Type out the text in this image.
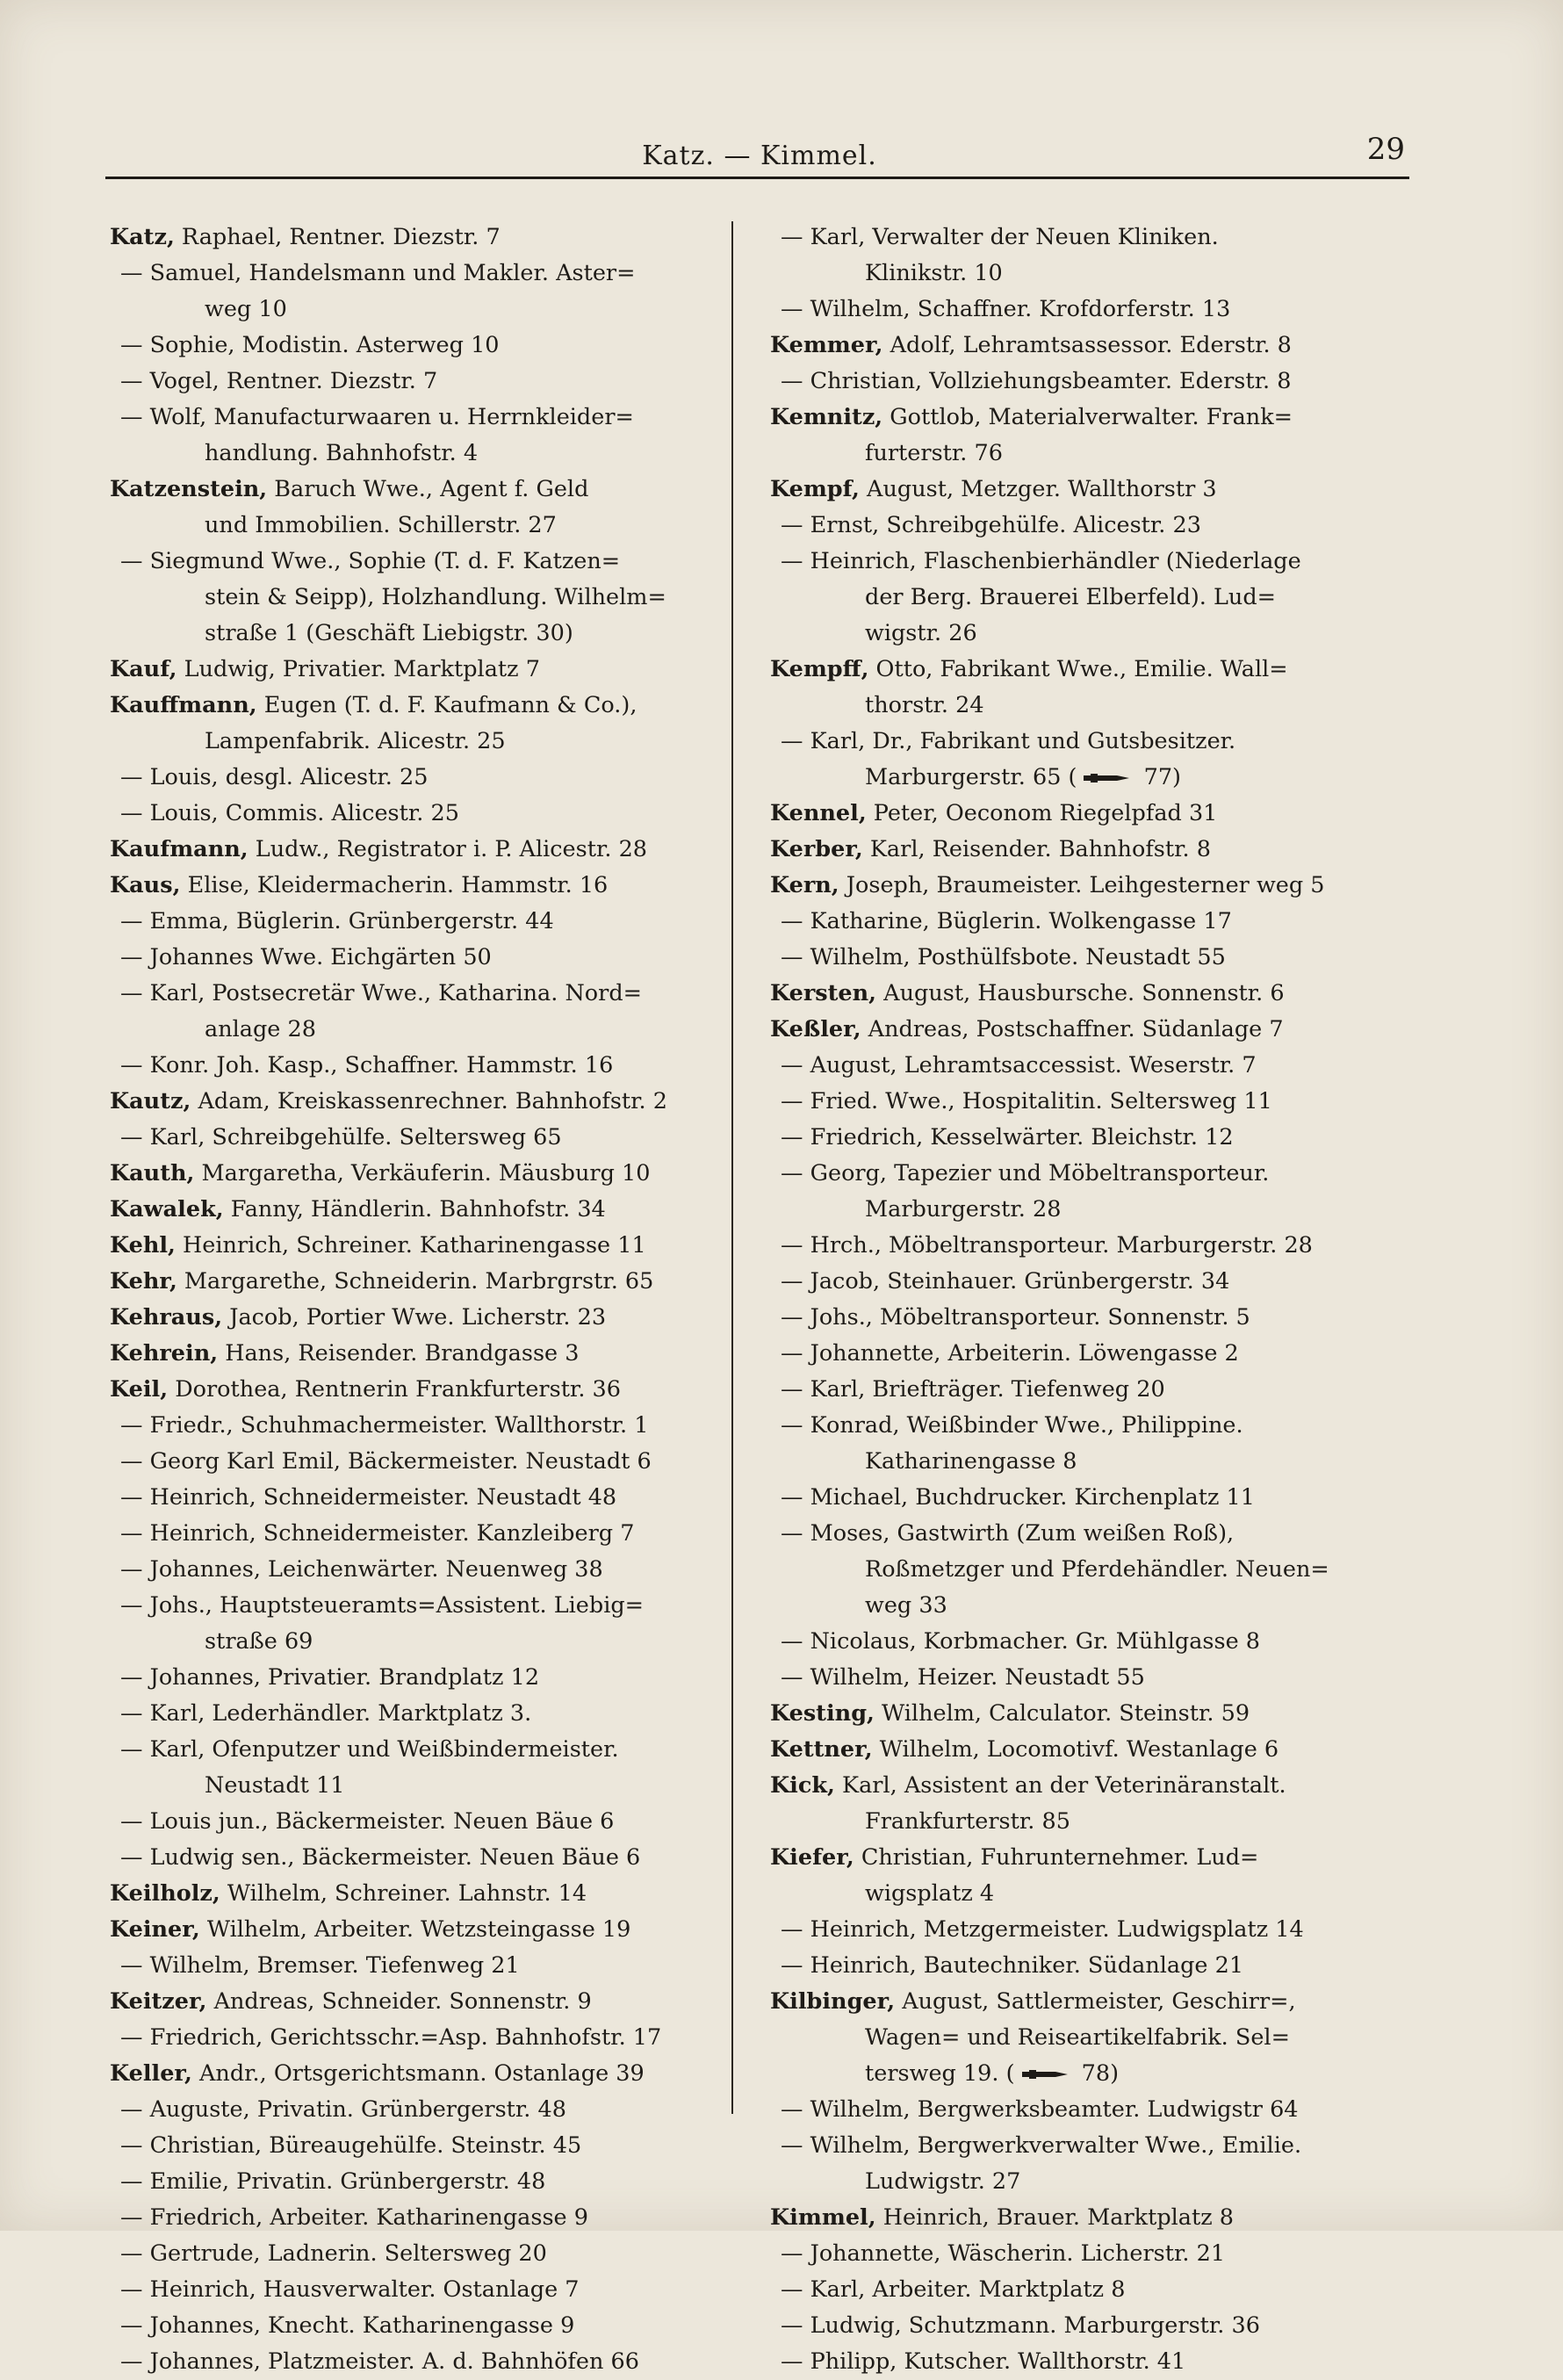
Katz. — Kimmel.	29
Katz, Raphael, Rentner. Diezstr. 7
— Samuel, Handelsmann und Makler. Aster=
weg 10
— Sophie, Modistin. Asterweg 10
— Vogel, Rentner. Diezstr. 7
— Wolf, Manufacturwaaren u. Herrnkleider=
handlung. Bahnhofstr. 4
Katzenstein, Baruch Wwe., Agent f. Geld
und Immobilien. Schillerstr. 27
— Siegmund Wwe., Sophie (T. d. F. Katzen=
stein & Seipp), Holzhandlung. Wilhelm=
straße 1 (Geschäft Liebigstr. 30)
Kauf, Ludwig, Privatier. Marktplatz 7
Kauffmann, Eugen (T. d. F. Kaufmann & Co.),
Lampenfabrik. Alicestr. 25
— Louis, desgl. Alicestr. 25
— Louis, Commis. Alicestr. 25
Kaufmann, Ludw., Registrator i. P. Alicestr. 28
Kaus, Elise, Kleidermacherin. Hammstr. 16
— Emma, Büglerin. Grünbergerstr. 44
— Johannes Wwe. Eichgärten 50
— Karl, Postsecretär Wwe., Katharina. Nord=
anlage 28
— Konr. Joh. Kasp., Schaffner. Hammstr. 16
Kautz, Adam, Kreiskassenrechner. Bahnhofstr. 2
— Karl, Schreibgehülfe. Seltersweg 65
Kauth, Margaretha, Verkäuferin. Mäusburg 10
Kawalek, Fanny, Händlerin. Bahnhofstr. 34
Kehl, Heinrich, Schreiner. Katharinengasse 11
Kehr, Margarethe, Schneiderin. Marbrgrstr. 65
Kehraus, Jacob, Portier Wwe. Licherstr. 23
Kehrein, Hans, Reisender. Brandgasse 3
Keil, Dorothea, Rentnerin Frankfurterstr. 36
— Friedr., Schuhmachermeister. Wallthorstr. 1
— Georg Karl Emil, Bäckermeister. Neustadt 6
— Heinrich, Schneidermeister. Neustadt 48
— Heinrich, Schneidermeister. Kanzleiberg 7
— Johannes, Leichenwärter. Neuenweg 38
— Johs., Hauptsteueramts=Assistent. Liebig=
straße 69
— Johannes, Privatier. Brandplatz 12
— Karl, Lederhändler. Marktplatz 3.
— Karl, Ofenputzer und Weißbindermeister.
Neustadt 11
— Louis jun., Bäckermeister. Neuen Bäue 6
— Ludwig sen., Bäckermeister. Neuen Bäue 6
Keilholz, Wilhelm, Schreiner. Lahnstr. 14
Keiner, Wilhelm, Arbeiter. Wetzsteingasse 19
— Wilhelm, Bremser. Tiefenweg 21
Keitzer, Andreas, Schneider. Sonnenstr. 9
— Friedrich, Gerichtsschr.=Asp. Bahnhofstr. 17
Keller, Andr., Ortsgerichtsmann. Ostanlage 39
— Auguste, Privatin. Grünbergerstr. 48
— Christian, Büreaugehülfe. Steinstr. 45
— Emilie, Privatin. Grünbergerstr. 48
— Friedrich, Arbeiter. Katharinengasse 9
— Gertrude, Ladnerin. Seltersweg 20
— Heinrich, Hausverwalter. Ostanlage 7
— Johannes, Knecht. Katharinengasse 9
— Johannes, Platzmeister. A. d. Bahnhöfen 66
— Karl, Verwalter der Neuen Kliniken.
Klinikstr. 10
— Wilhelm, Schaffner. Krofdorferstr. 13
Kemmer, Adolf, Lehramtsassessor. Ederstr. 8
— Christian, Vollziehungsbeamter. Ederstr. 8
Kemnitz, Gottlob, Materialverwalter. Frank=
furterstr. 76
Kempf, August, Metzger. Wallthorstr 3
— Ernst, Schreibgehülfe. Alicestr. 23
— Heinrich, Flaschenbierhändler (Niederlage
der Berg. Brauerei Elberfeld). Lud=
wigstr. 26
Kempff, Otto, Fabrikant Wwe., Emilie. Wall=
thorstr. 24
— Karl, Dr., Fabrikant und Gutsbesitzer.
Marburgerstr. 65 (	77)
Kennel, Peter, Oeconom Riegelpfad 31
Kerber, Karl, Reisender. Bahnhofstr. 8
Kern, Joseph, Braumeister. Leihgesterner weg 5
— Katharine, Büglerin. Wolkengasse 17
— Wilhelm, Posthülfsbote. Neustadt 55
Kersten, August, Hausbursche. Sonnenstr. 6
Keßler, Andreas, Postschaffner. Südanlage 7
— August, Lehramtsaccessist. Weserstr. 7
— Fried. Wwe., Hospitalitin. Seltersweg 11
— Friedrich, Kesselwärter. Bleichstr. 12
— Georg, Tapezier und Möbeltransporteur.
Marburgerstr. 28
— Hrch., Möbeltransporteur. Marburgerstr. 28
— Jacob, Steinhauer. Grünbergerstr. 34
— Johs., Möbeltransporteur. Sonnenstr. 5
— Johannette, Arbeiterin. Löwengasse 2
— Karl, Briefträger. Tiefenweg 20
— Konrad, Weißbinder Wwe., Philippine.
Katharinengasse 8
— Michael, Buchdrucker. Kirchenplatz 11
— Moses, Gastwirth (Zum weißen Roß),
Roßmetzger und Pferdehändler. Neuen=
weg 33
— Nicolaus, Korbmacher. Gr. Mühlgasse 8
— Wilhelm, Heizer. Neustadt 55
Kesting, Wilhelm, Calculator. Steinstr. 59
Kettner, Wilhelm, Locomotivf. Westanlage 6
Kick, Karl, Assistent an der Veterinäranstalt.
Frankfurterstr. 85
Kiefer, Christian, Fuhrunternehmer. Lud=
wigsplatz 4
— Heinrich, Metzgermeister. Ludwigsplatz 14
— Heinrich, Bautechniker. Südanlage 21
Kilbinger, August, Sattlermeister, Geschirr=,
Wagen= und Reiseartikelfabrik. Sel=
tersweg 19. (	78)
— Wilhelm, Bergwerksbeamter. Ludwigstr 64
— Wilhelm, Bergwerkverwalter Wwe., Emilie.
Ludwigstr. 27
Kimmel, Heinrich, Brauer. Marktplatz 8
— Johannette, Wäscherin. Licherstr. 21
— Karl, Arbeiter. Marktplatz 8
— Ludwig, Schutzmann. Marburgerstr. 36
— Philipp, Kutscher. Wallthorstr. 41
